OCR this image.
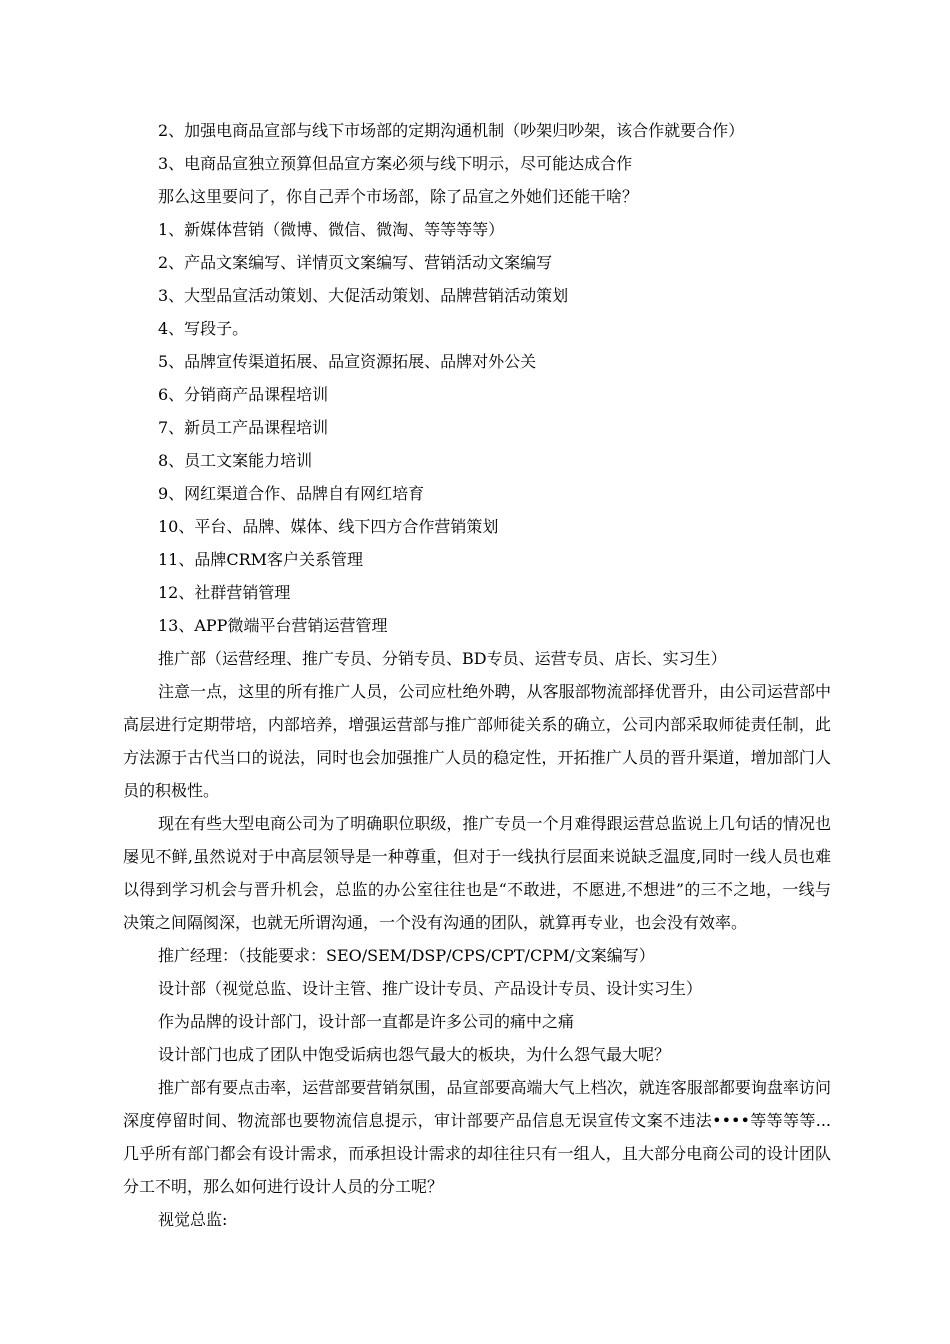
2、加强电商品宣部与线下市场部的定期沟通机制（吵架归吵架，该合作就要合作）

3、电商品宣独立预算但品宣方案必须与线下明示，尽可能达成合作

那么这里要问了，你自己弄个市场部，除了品宣之外她们还能干啥？

1、新媒体营销（微博、微信、微淘、等等等等）

2、产品文案编写、详情页文案编写、营销活动文案编写

3、大型品宣活动策划、大促活动策划、品牌营销活动策划

4、写段子。

5、品牌宣传渠道拓展、品宣资源拓展、品牌对外公关

6、分销商产品课程培训

7、新员工产品课程培训

8、员工文案能力培训

9、网红渠道合作、品牌自有网红培育

10、平台、品牌、媒体、线下四方合作营销策划

11、品牌CRM客户关系管理

12、社群营销管理

13、APP微端平台营销运营管理

推广部（运营经理、推广专员、分销专员、BD专员、运营专员、店长、实习生）

注意一点，这里的所有推广人员，公司应杜绝外聘，从客服部物流部择优晋升，由公司运营部中高层进行定期带培，内部培养，增强运营部与推广部师徒关系的确立，公司内部采取师徒责任制，此方法源于古代当口的说法，同时也会加强推广人员的稳定性，开拓推广人员的晋升渠道，增加部门人员的积极性。

现在有些大型电商公司为了明确职位职级，推广专员一个月难得跟运营总监说上几句话的情况也屡见不鲜,虽然说对于中高层领导是一种尊重，但对于一线执行层面来说缺乏温度,同时一线人员也难以得到学习机会与晋升机会，总监的办公室往往也是“不敢进，不愿进,不想进”的三不之地，一线与决策之间隔阂深，也就无所谓沟通，一个没有沟通的团队，就算再专业，也会没有效率。

推广经理：（技能要求：SEO/SEM/DSP/CPS/CPT/CPM/文案编写）

设计部（视觉总监、设计主管、推广设计专员、产品设计专员、设计实习生）

作为品牌的设计部门，设计部一直都是许多公司的痛中之痛

设计部门也成了团队中饱受诟病也怨气最大的板块，为什么怨气最大呢？

推广部有要点击率，运营部要营销氛围，品宣部要高端大气上档次，就连客服部都要询盘率访问深度停留时间、物流部也要物流信息提示，审计部要产品信息无误宣传文案不违法••••等等等等...几乎所有部门都会有设计需求，而承担设计需求的却往往只有一组人，且大部分电商公司的设计团队分工不明，那么如何进行设计人员的分工呢？

视觉总监:
